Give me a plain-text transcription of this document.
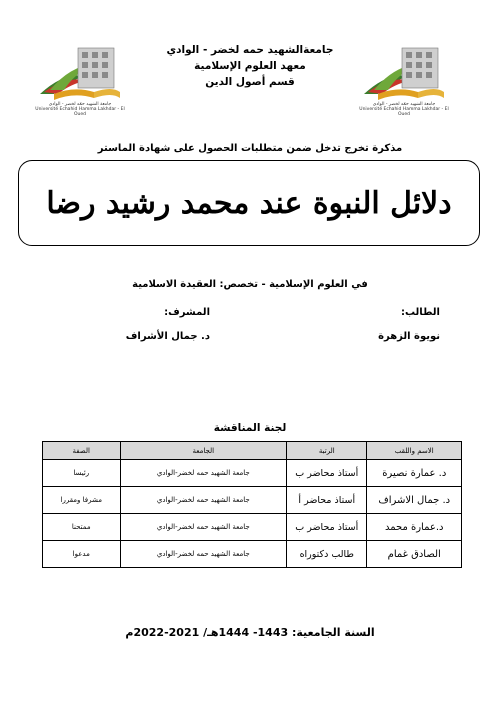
جامعة الشهيد حمّه لخضر - الوادي
Université Echahid Hamma Lakhdar - El Oued
جامعة الشهيد حمّه لخضر - الوادي
Université Echahid Hamma Lakhdar - El Oued
جامعةالشهيد حمه لخضر - الوادي
معهد العلوم الإسلامية
قسم أصول الدين
مذكرة تخرج تدخل ضمن متطلبات الحصول على شهادة الماستر
دلائل النبوة عند محمد رشيد رضا
في العلوم الإسلامية - تخصص: العقيدة الاسلامية
الطالب:
نويوة الزهرة
المشرف:
د. جمال الأشراف
لجنة المناقشة
الاسم واللقب	الرتبة	الجامعة	الصفة
د. عمارة نصيرة	أستاذ محاضر ب	جامعة الشهيد حمه لخضر-الوادي	رئيسا
د. جمال الاشراف	أستاذ محاضر أ	جامعة الشهيد حمه لخضر-الوادي	مشرفا ومقررا
د.عمارة محمد	أستاذ محاضر ب	جامعة الشهيد حمه لخضر-الوادي	ممتحنا
الصادق غمام	طالب دكتوراه	جامعة الشهيد حمه لخضر-الوادي	مدعوا
السنة الجامعية: 1443- 1444هـ/ 2021-2022م
